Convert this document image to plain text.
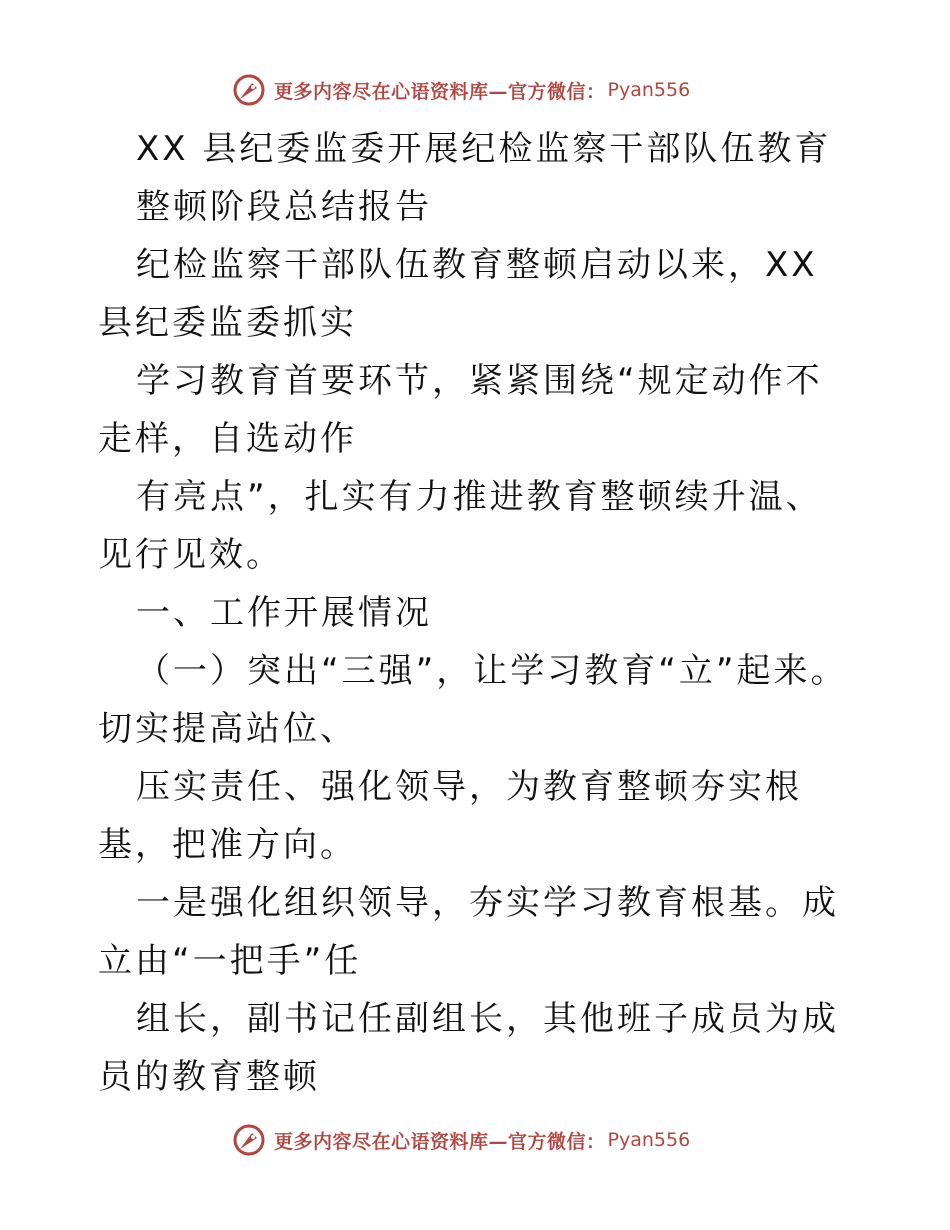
更多内容尽在心语资料库—官方微信： Pyan556

XX 县纪委监委开展纪检监察干部队伍教育

整顿阶段总结报告

纪检监察干部队伍教育整顿启动以来，XX 县纪委监委抓实

学习教育首要环节，紧紧围绕“规定动作不走样，自选动作

有亮点”，扎实有力推进教育整顿续升温、见行见效。

一、工作开展情况

（一）突出“三强”，让学习教育“立”起来。切实提高站位、

压实责任、强化领导，为教育整顿夯实根基，把准方向。

一是强化组织领导，夯实学习教育根基。成立由“一把手”任

组长，副书记任副组长，其他班子成员为成员的教育整顿

更多内容尽在心语资料库—官方微信： Pyan556
